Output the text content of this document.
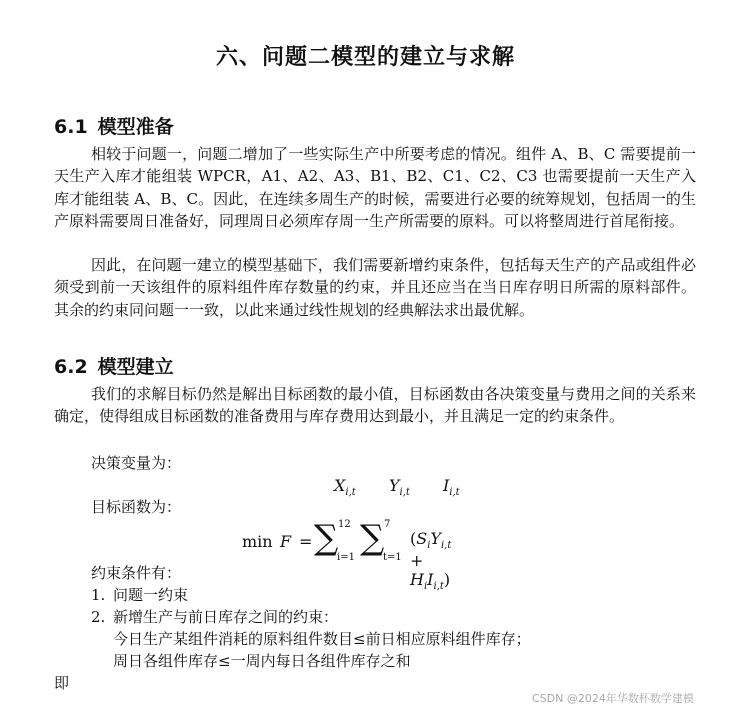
六、问题二模型的建立与求解
6.1 模型准备
相较于问题一，问题二增加了一些实际生产中所要考虑的情况。组件 A、B、C 需要提前一天生产入库才能组装 WPCR，A1、A2、A3、B1、B2、C1、C2、C3 也需要提前一天生产入库才能组装 A、B、C。因此，在连续多周生产的时候，需要进行必要的统筹规划，包括周一的生产原料需要周日准备好，同理周日必须库存周一生产所需要的原料。可以将整周进行首尾衔接。
因此，在问题一建立的模型基础下，我们需要新增约束条件，包括每天生产的产品或组件必须受到前一天该组件的原料组件库存数量的约束，并且还应当在当日库存明日所需的原料部件。其余的约束同问题一一致，以此来通过线性规划的经典解法求出最优解。
6.2 模型建立
我们的求解目标仍然是解出目标函数的最小值，目标函数由各决策变量与费用之间的关系来确定，使得组成目标函数的准备费用与库存费用达到最小，并且满足一定的约束条件。
决策变量为：
$X_{i,t}$ $Y_{i,t}$ $I_{i,t}$
目标函数为：
min F = ∑ 12
i=1 ∑ 7
t=1
$(S_iY_{i,t} + H_iI_{i,t})$
约束条件有：
1. 问题一约束
2. 新增生产与前日库存之间的约束：
今日生产某组件消耗的原料组件数目≤前日相应原料组件库存；
周日各组件库存≤一周内每日各组件库存之和
即
CSDN @2024年华数杯数学建模
